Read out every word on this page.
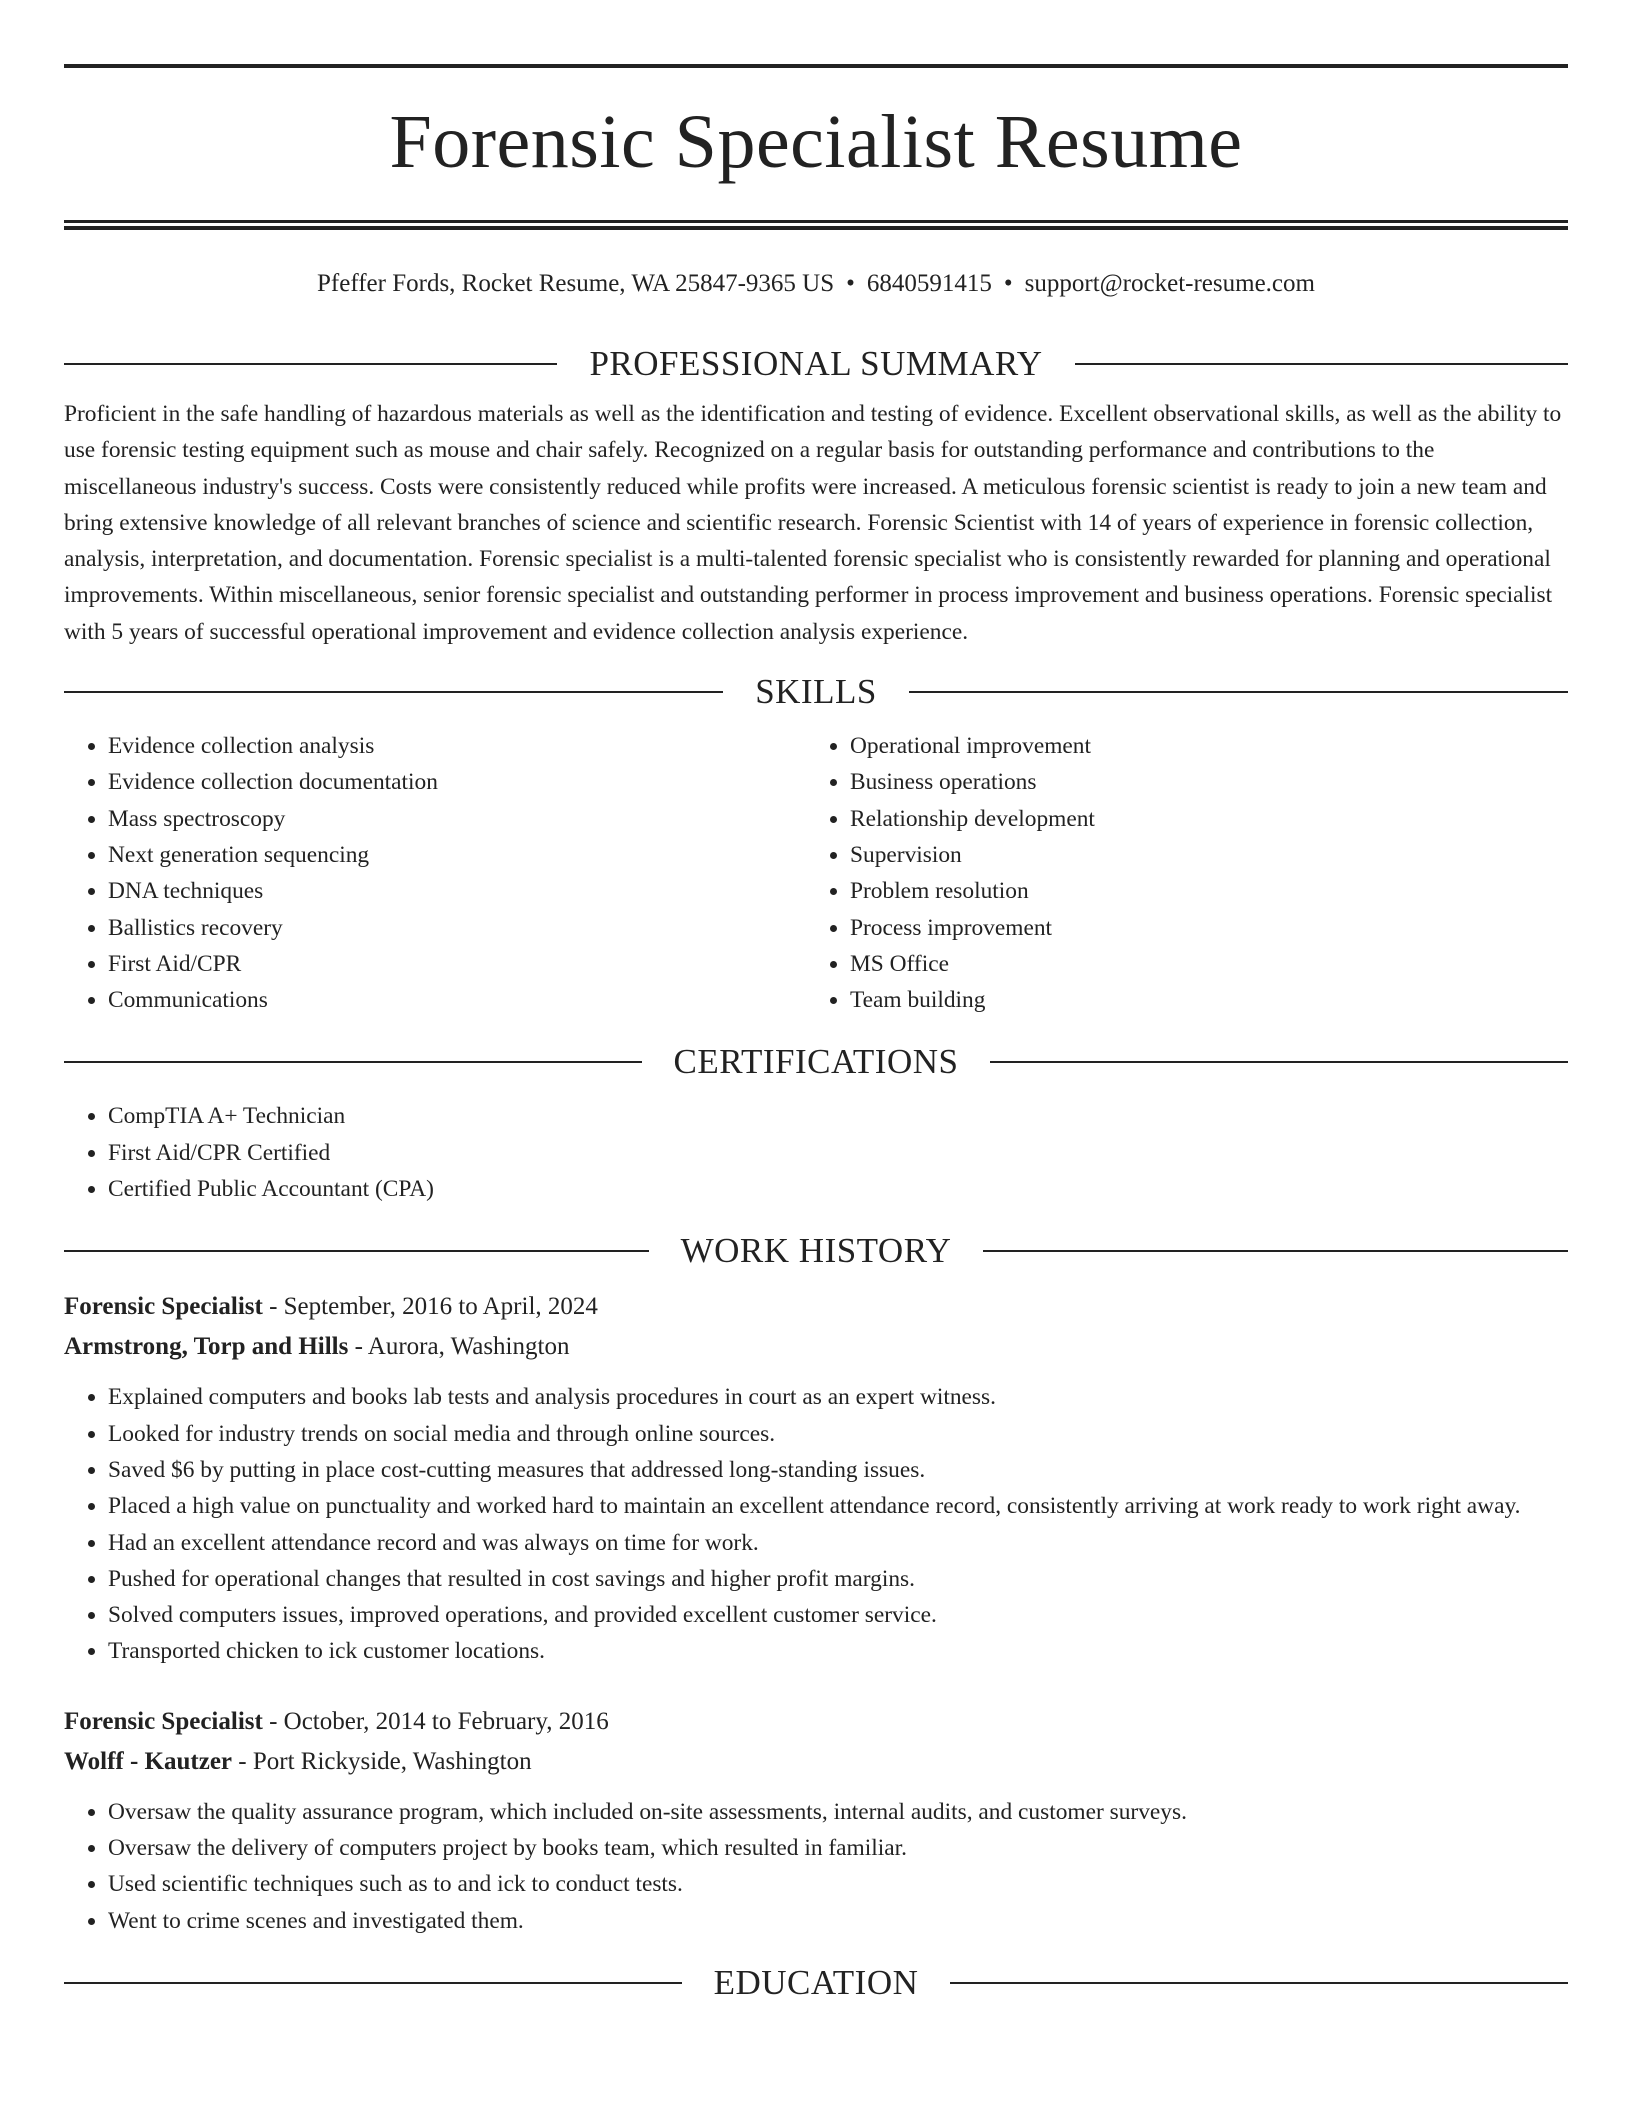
Forensic Specialist Resume
Pfeffer Fords, Rocket Resume, WA 25847-9365 US • 6840591415 • support@rocket-resume.com
PROFESSIONAL SUMMARY

Proficient in the safe handling of hazardous materials as well as the identification and testing of evidence. Excellent observational skills, as well as the ability to use forensic testing equipment such as mouse and chair safely. Recognized on a regular basis for outstanding performance and contributions to the miscellaneous industry's success. Costs were consistently reduced while profits were increased. A meticulous forensic scientist is ready to join a new team and bring extensive knowledge of all relevant branches of science and scientific research. Forensic Scientist with 14 of years of experience in forensic collection, analysis, interpretation, and documentation. Forensic specialist is a multi-talented forensic specialist who is consistently rewarded for planning and operational improvements. Within miscellaneous, senior forensic specialist and outstanding performer in process improvement and business operations. Forensic specialist with 5 years of successful operational improvement and evidence collection analysis experience.

SKILLS
• Evidence collection analysis
• Evidence collection documentation
• Mass spectroscopy
• Next generation sequencing
• DNA techniques
• Ballistics recovery
• First Aid/CPR
• Communications
• Operational improvement
• Business operations
• Relationship development
• Supervision
• Problem resolution
• Process improvement
• MS Office
• Team building
CERTIFICATIONS
• CompTIA A+ Technician
• First Aid/CPR Certified
• Certified Public Accountant (CPA)
WORK HISTORY
Forensic Specialist - September, 2016 to April, 2024
Armstrong, Torp and Hills - Aurora, Washington
• Explained computers and books lab tests and analysis procedures in court as an expert witness.
• Looked for industry trends on social media and through online sources.
• Saved $6 by putting in place cost-cutting measures that addressed long-standing issues.
• Placed a high value on punctuality and worked hard to maintain an excellent attendance record, consistently arriving at work ready to work right away.
• Had an excellent attendance record and was always on time for work.
• Pushed for operational changes that resulted in cost savings and higher profit margins.
• Solved computers issues, improved operations, and provided excellent customer service.
• Transported chicken to ick customer locations.
Forensic Specialist - October, 2014 to February, 2016
Wolff - Kautzer - Port Rickyside, Washington
• Oversaw the quality assurance program, which included on-site assessments, internal audits, and customer surveys.
• Oversaw the delivery of computers project by books team, which resulted in familiar.
• Used scientific techniques such as to and ick to conduct tests.
• Went to crime scenes and investigated them.
EDUCATION
